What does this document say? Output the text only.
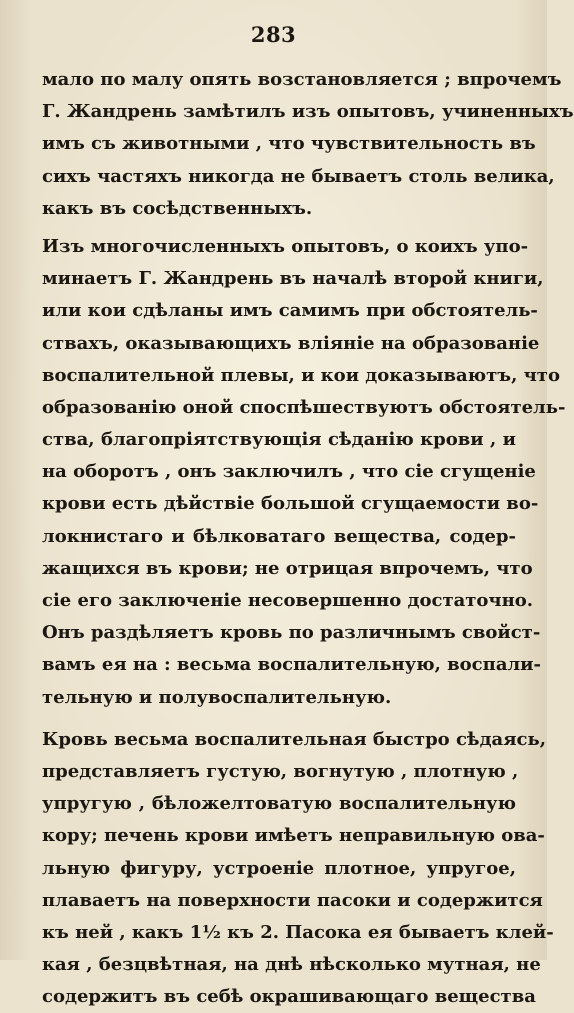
283
мало по малу опять возстановляется ; впрочемъ
Г. Жандрень замѣтилъ изъ опытовъ, учиненныхъ
имъ съ животными , что чувствительность въ
сихъ частяхъ никогда не бываетъ столь велика,
какъ въ сосѣдственныхъ.
Изъ многочисленныхъ опытовъ, о коихъ упо-
минаетъ Г. Жандрень въ началѣ второй книги,
или кои сдѣланы имъ самимъ при обстоятель-
ствахъ, оказывающихъ вліяніе на образованіе
воспалительной плевы, и кои доказываютъ, что
образованію оной споспѣшествуютъ обстоятель-
ства, благопріятствующія сѣданію крови , и
на оборотъ , онъ заключилъ , что сіе сгущеніе
крови есть дѣйствіе большой сгущаемости во-
локнистаго и бѣлковатаго вещества, содер-
жащихся въ крови; не отрицая впрочемъ, что
сіе его заключеніе несовершенно достаточно.
Онъ раздѣляетъ кровь по различнымъ свойст-
вамъ ея на : весьма воспалительную, воспали-
тельную и полувоспалительную.
Кровь весьма воспалительная быстро сѣдаясь,
представляетъ густую, вогнутую , плотную ,
упругую , бѣложелтоватую воспалительную
кору; печень крови имѣетъ неправильную ова-
льную фигуру, устроеніе плотное, упругое,
плаваетъ на поверхности пасоки и содержится
къ ней , какъ 1½ къ 2. Пасока ея бываетъ клей-
кая , безцвѣтная, на днѣ нѣсколько мутная, не
содержитъ въ себѣ окрашивающаго вещества
